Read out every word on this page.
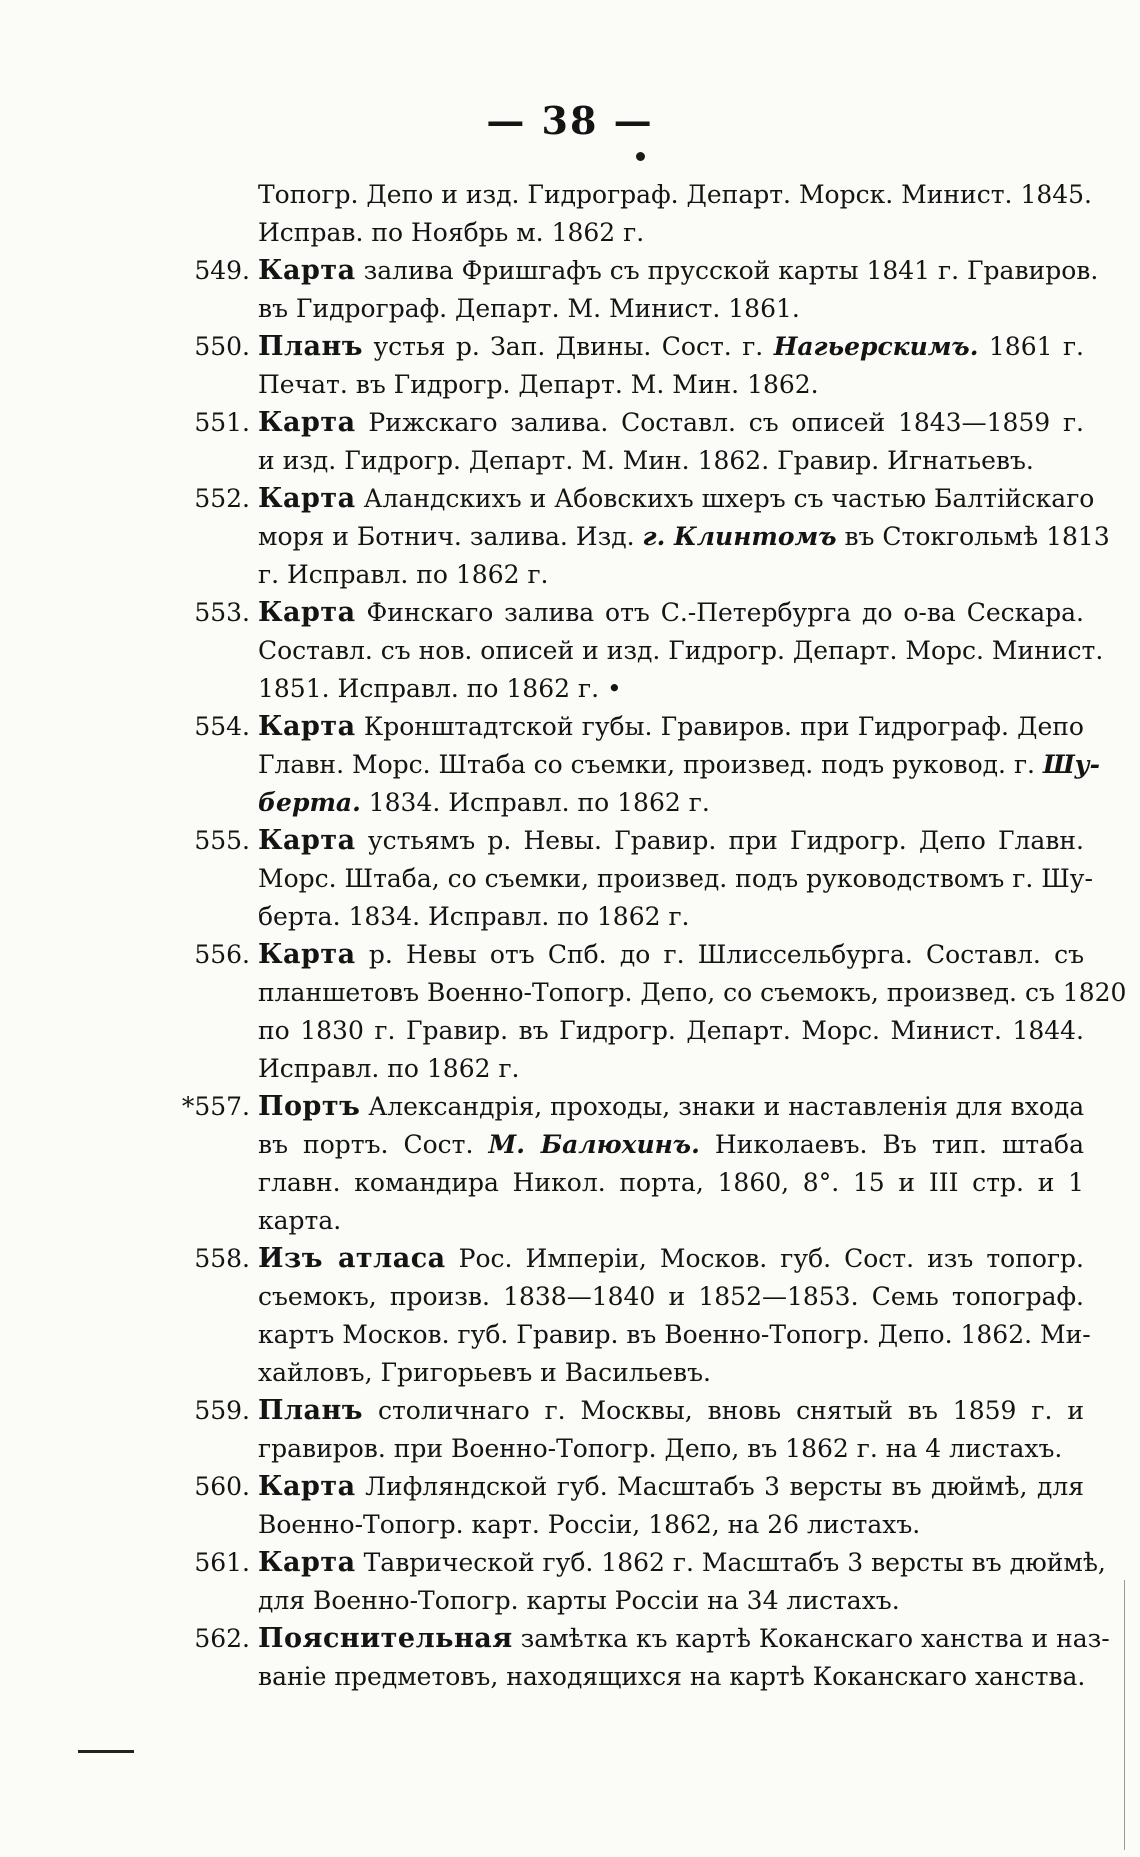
— 38 —
Топогр. Депо и изд. Гидрограф. Департ. Морск. Минист. 1845.
Исправ. по Ноябрь м. 1862 г.
549. Карта залива Фришгафъ съ прусской карты 1841 г. Гравиров.
въ Гидрограф. Департ. М. Минист. 1861.
550. Планъ устья р. Зап. Двины. Сост. г. Нагьерскимъ. 1861 г.
Печат. въ Гидрогр. Департ. М. Мин. 1862.
551. Карта Рижскаго залива. Составл. съ описей 1843—1859 г.
и изд. Гидрогр. Департ. М. Мин. 1862. Гравир. Игнатьевъ.
552. Карта Аландскихъ и Абовскихъ шхеръ съ частью Балтійскаго
моря и Ботнич. залива. Изд. г. Клинтомъ въ Стокгольмѣ 1813
г. Исправл. по 1862 г.
553. Карта Финскаго залива отъ С.-Петербурга до о-ва Сескара.
Составл. съ нов. описей и изд. Гидрогр. Департ. Морс. Минист.
1851. Исправл. по 1862 г. •
554. Карта Кронштадтской губы. Гравиров. при Гидрограф. Депо
Главн. Морс. Штаба со съемки, произвед. подъ руковод. г. Шу-
берта. 1834. Исправл. по 1862 г.
555. Карта устьямъ р. Невы. Гравир. при Гидрогр. Депо Главн.
Морс. Штаба, со съемки, произвед. подъ руководствомъ г. Шу-
берта. 1834. Исправл. по 1862 г.
556. Карта р. Невы отъ Спб. до г. Шлиссельбурга. Составл. съ
планшетовъ Военно-Топогр. Депо, со съемокъ, произвед. съ 1820
по 1830 г. Гравир. въ Гидрогр. Департ. Морс. Минист. 1844.
Исправл. по 1862 г.
*557. Портъ Александрія, проходы, знаки и наставленія для входа
въ портъ. Сост. М. Балюхинъ. Николаевъ. Въ тип. штаба
главн. командира Никол. порта, 1860, 8°. 15 и III стр. и 1
карта.
558. Изъ атласа Рос. Имперіи, Москов. губ. Сост. изъ топогр.
съемокъ, произв. 1838—1840 и 1852—1853. Семь топограф.
картъ Москов. губ. Гравир. въ Военно-Топогр. Депо. 1862. Ми-
хайловъ, Григорьевъ и Васильевъ.
559. Планъ столичнаго г. Москвы, вновь снятый въ 1859 г. и
гравиров. при Военно-Топогр. Депо, въ 1862 г. на 4 листахъ.
560. Карта Лифляндской губ. Масштабъ 3 версты въ дюймѣ, для
Военно-Топогр. карт. Россіи, 1862, на 26 листахъ.
561. Карта Таврической губ. 1862 г. Масштабъ 3 версты въ дюймѣ,
для Военно-Топогр. карты Россіи на 34 листахъ.
562. Пояснительная замѣтка къ картѣ Коканскаго ханства и наз-
ваніе предметовъ, находящихся на картѣ Коканскаго ханства.
